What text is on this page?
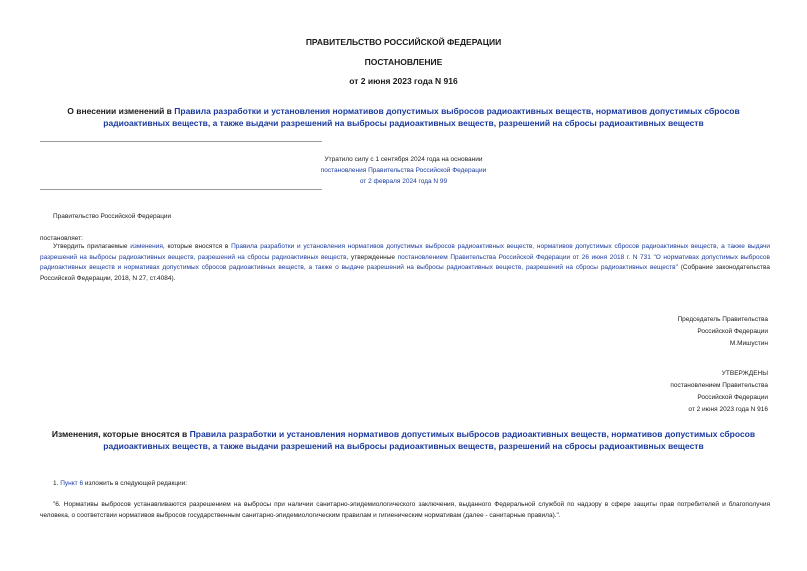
ПРАВИТЕЛЬСТВО РОССИЙСКОЙ ФЕДЕРАЦИИ
ПОСТАНОВЛЕНИЕ
от 2 июня 2023 года N 916
О внесении изменений в Правила разработки и установления нормативов допустимых выбросов радиоактивных веществ, нормативов допустимых сбросов радиоактивных веществ, а также выдачи разрешений на выбросы радиоактивных веществ, разрешений на сбросы радиоактивных веществ
Утратило силу с 1 сентября 2024 года на основании
постановления Правительства Российской Федерации
от 2 февраля 2024 года N 99
Правительство Российской Федерации
постановляет:
Утвердить прилагаемые изменения, которые вносятся в Правила разработки и установления нормативов допустимых выбросов радиоактивных веществ, нормативов допустимых сбросов радиоактивных веществ, а также выдачи разрешений на выбросы радиоактивных веществ, разрешений на сбросы радиоактивных веществ, утвержденные постановлением Правительства Российской Федерации от 26 июня 2018 г. N 731 "О нормативах допустимых выбросов радиоактивных веществ и нормативах допустимых сбросов радиоактивных веществ, а также о выдаче разрешений на выбросы радиоактивных веществ, разрешений на сбросы радиоактивных веществ" (Собрание законодательства Российской Федерации, 2018, N 27, ст.4084).
Председатель Правительства
Российской Федерации
М.Мишустин
УТВЕРЖДЕНЫ
постановлением Правительства
Российской Федерации
от 2 июня 2023 года N 916
Изменения, которые вносятся в Правила разработки и установления нормативов допустимых выбросов радиоактивных веществ, нормативов допустимых сбросов радиоактивных веществ, а также выдачи разрешений на выбросы радиоактивных веществ, разрешений на сбросы радиоактивных веществ
1. Пункт 6 изложить в следующей редакции:
"6. Нормативы выбросов устанавливаются разрешением на выбросы при наличии санитарно-эпидемиологического заключения, выданного Федеральной службой по надзору в сфере защиты прав потребителей и благополучия человека, о соответствии нормативов выбросов государственным санитарно-эпидемиологическим правилам и гигиеническим нормативам (далее - санитарные правила).".
